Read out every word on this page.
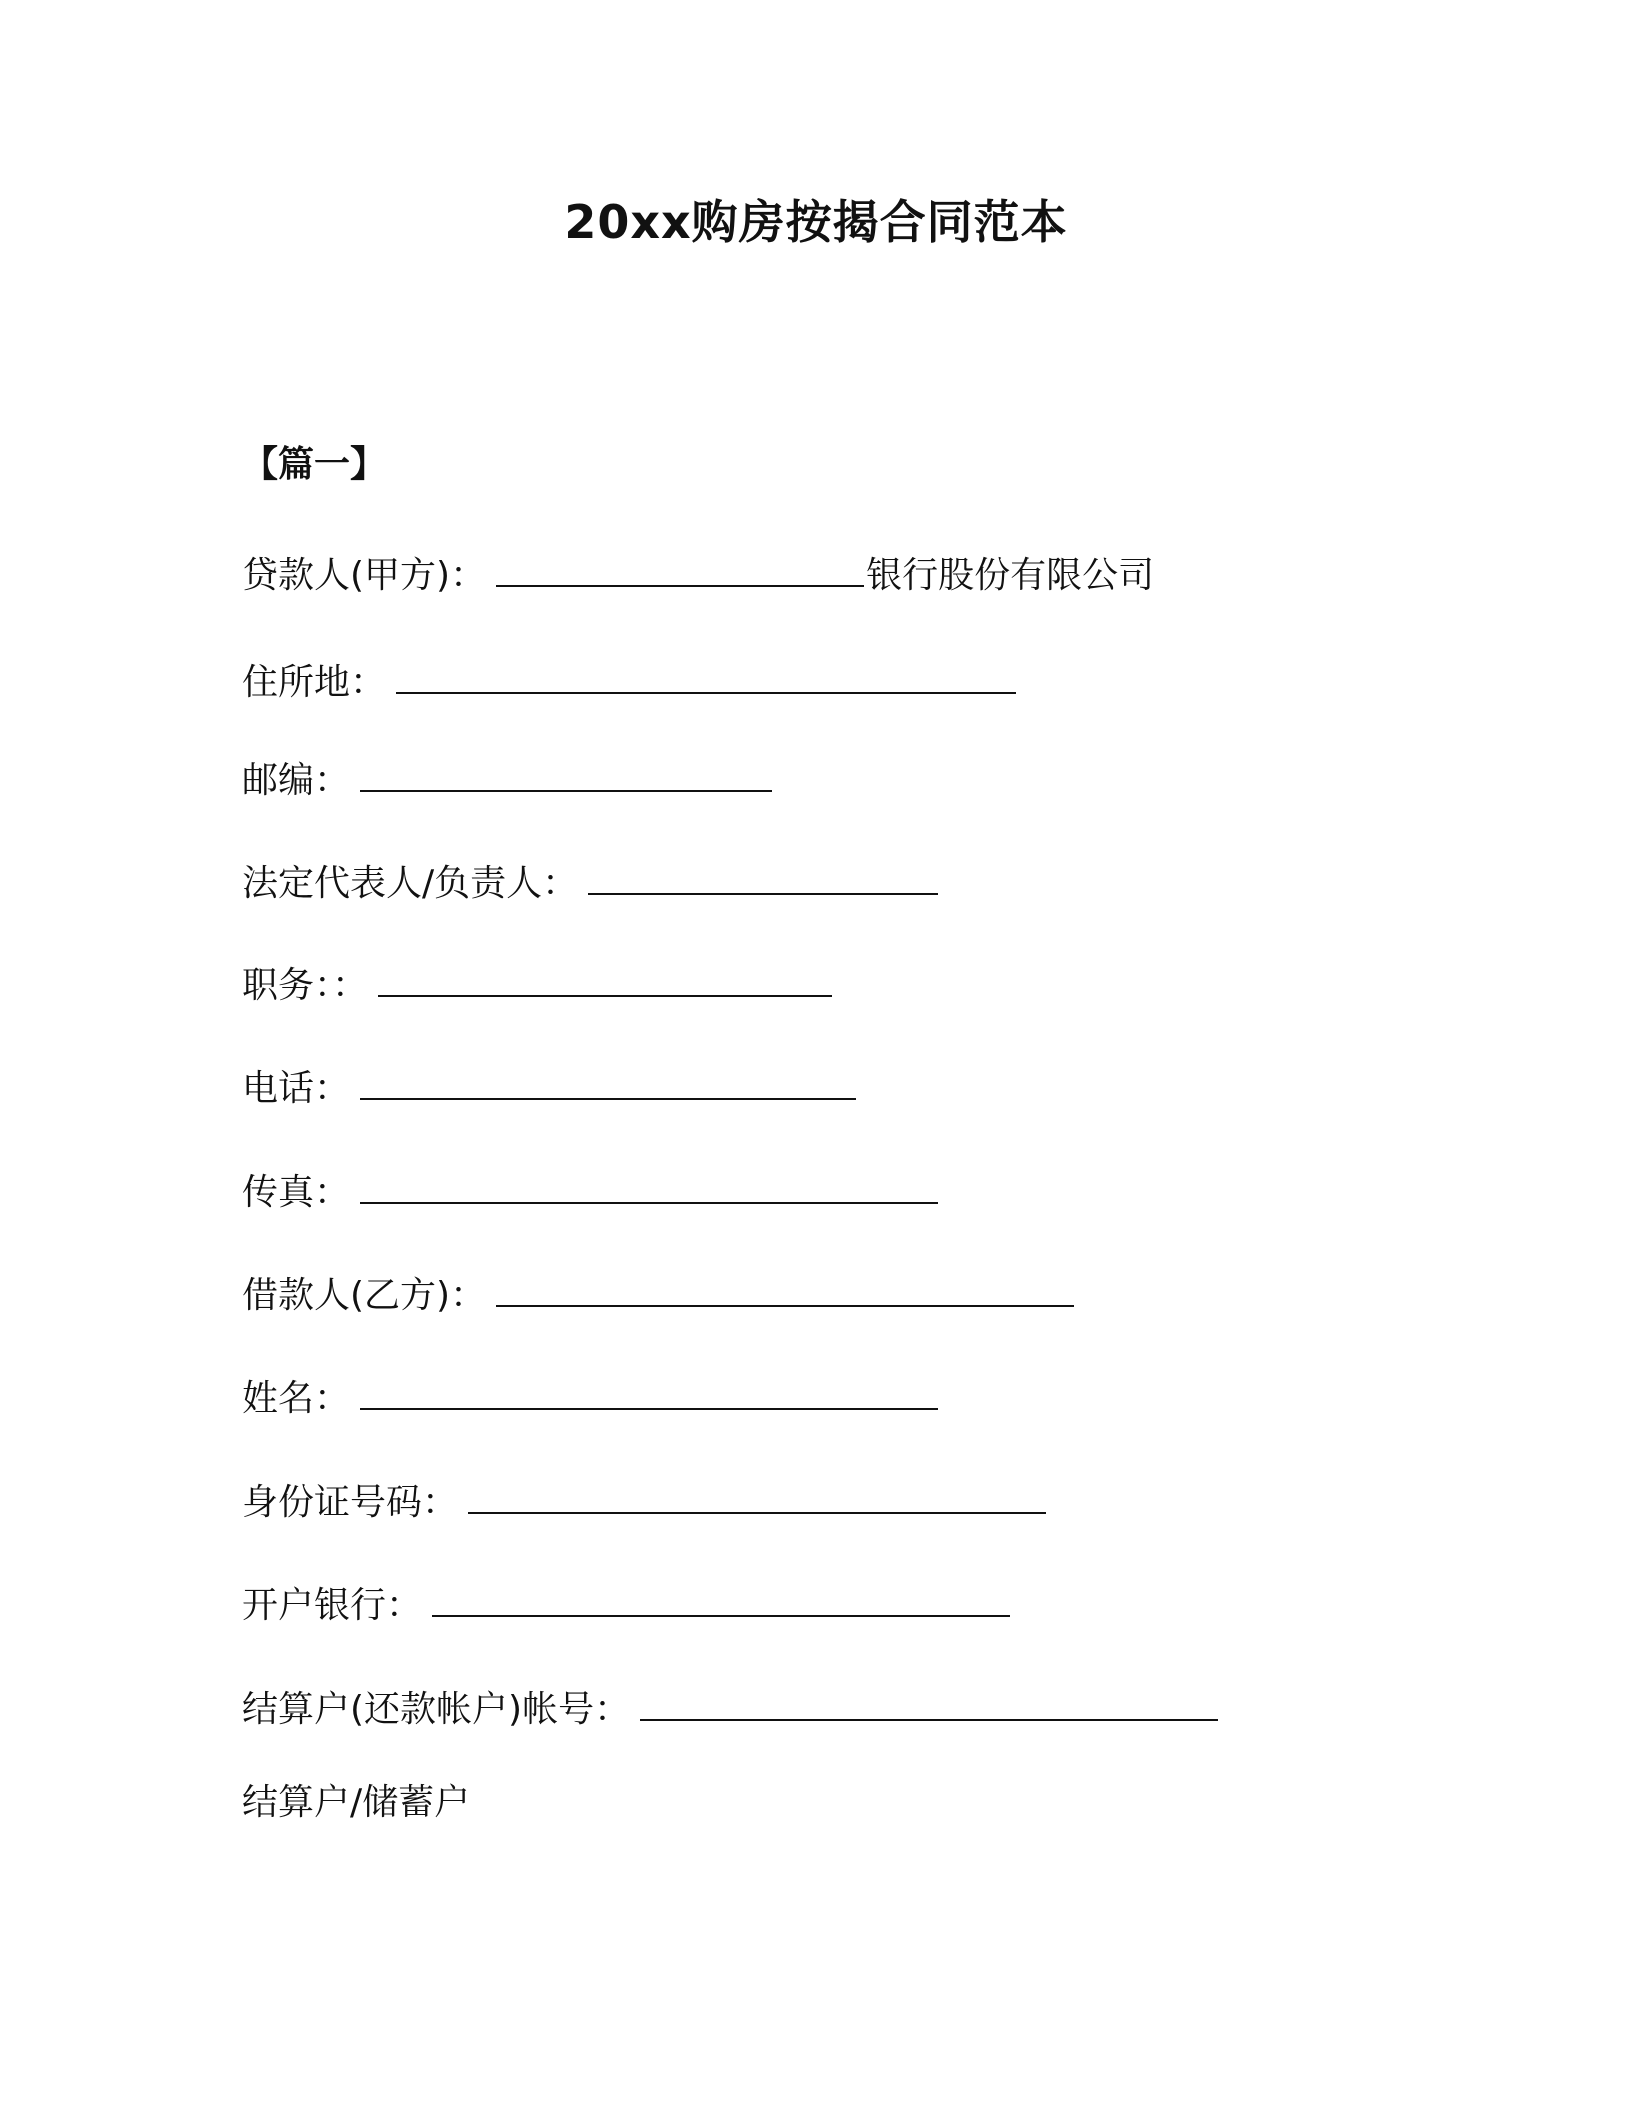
20xx购房按揭合同范本
【篇一】
贷款人(甲方)：	银行股份有限公司
住所地：
邮编：
法定代表人/负责人：
职务：：
电话：
传真：
借款人(乙方)：
姓名：
身份证号码：
开户银行：
结算户(还款帐户)帐号：
结算户/储蓄户
